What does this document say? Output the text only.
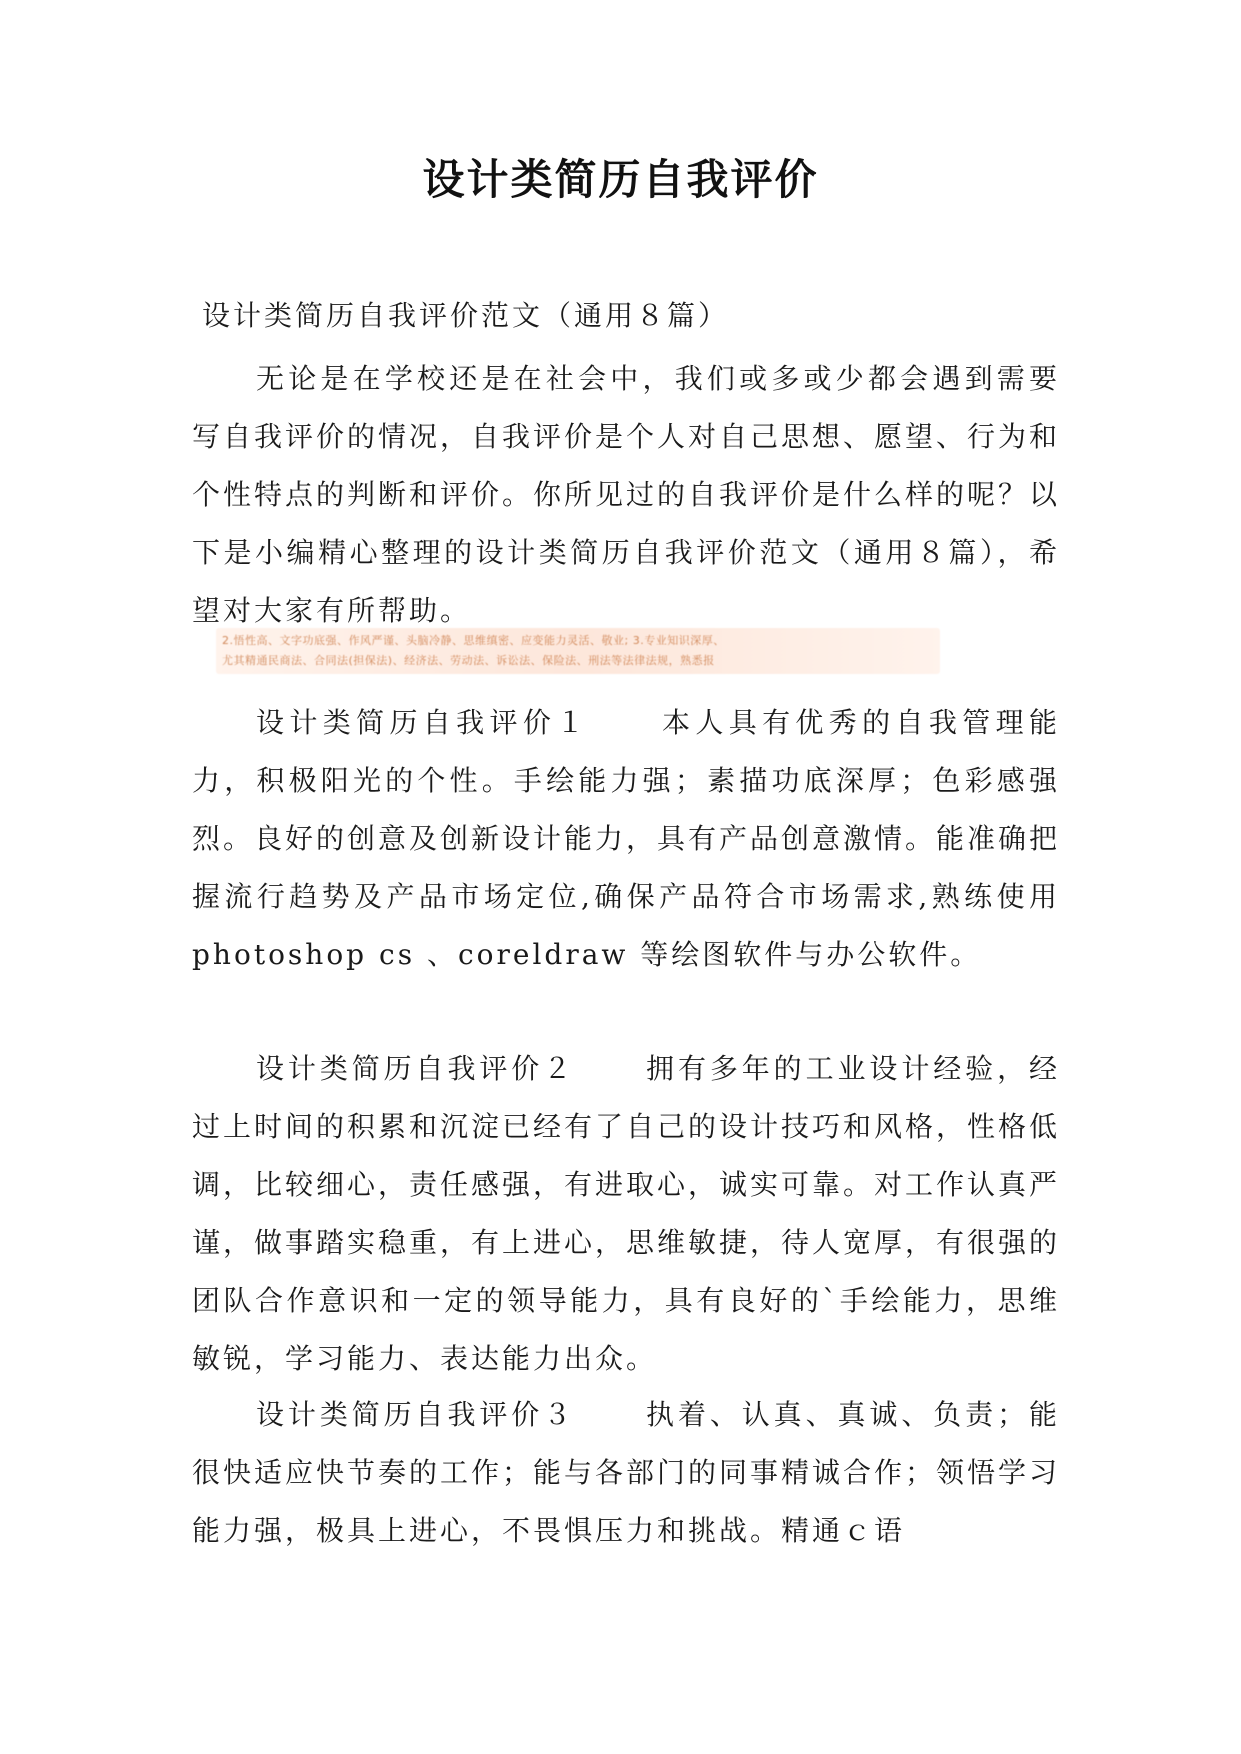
设计类简历自我评价
设计类简历自我评价范文（通用８篇）

无论是在学校还是在社会中，我们或多或少都会遇到需要写自我评价的情况，自我评价是个人对自己思想、愿望、行为和个性特点的判断和评价。你所见过的自我评价是什么样的呢？以下是小编精心整理的设计类简历自我评价范文（通用８篇），希望对大家有所帮助。

2.悟性高、文字功底强、作风严谨、头脑冷静、思维缜密、应变能力灵活、敬业; 3.专业知识深厚、
尤其精通民商法、合同法(担保法)、经济法、劳动法、诉讼法、保险法、刑法等法律法规，熟悉报

设计类简历自我评价１	本人具有优秀的自我管理能力，积极阳光的个性。手绘能力强；素描功底深厚；色彩感强烈。良好的创意及创新设计能力，具有产品创意激情。能准确把握流行趋势及产品市场定位,确保产品符合市场需求,熟练使用 photoshop cs 、coreldraw 等绘图软件与办公软件。

设计类简历自我评价２	拥有多年的工业设计经验，经过上时间的积累和沉淀已经有了自己的设计技巧和风格，性格低调，比较细心，责任感强，有进取心，诚实可靠。对工作认真严谨，做事踏实稳重，有上进心，思维敏捷，待人宽厚，有很强的团队合作意识和一定的领导能力，具有良好的`手绘能力，思维敏锐，学习能力、表达能力出众。

设计类简历自我评价３	执着、认真、真诚、负责；能很快适应快节奏的工作；能与各部门的同事精诚合作；领悟学习能力强，极具上进心，不畏惧压力和挑战。精通ｃ语
